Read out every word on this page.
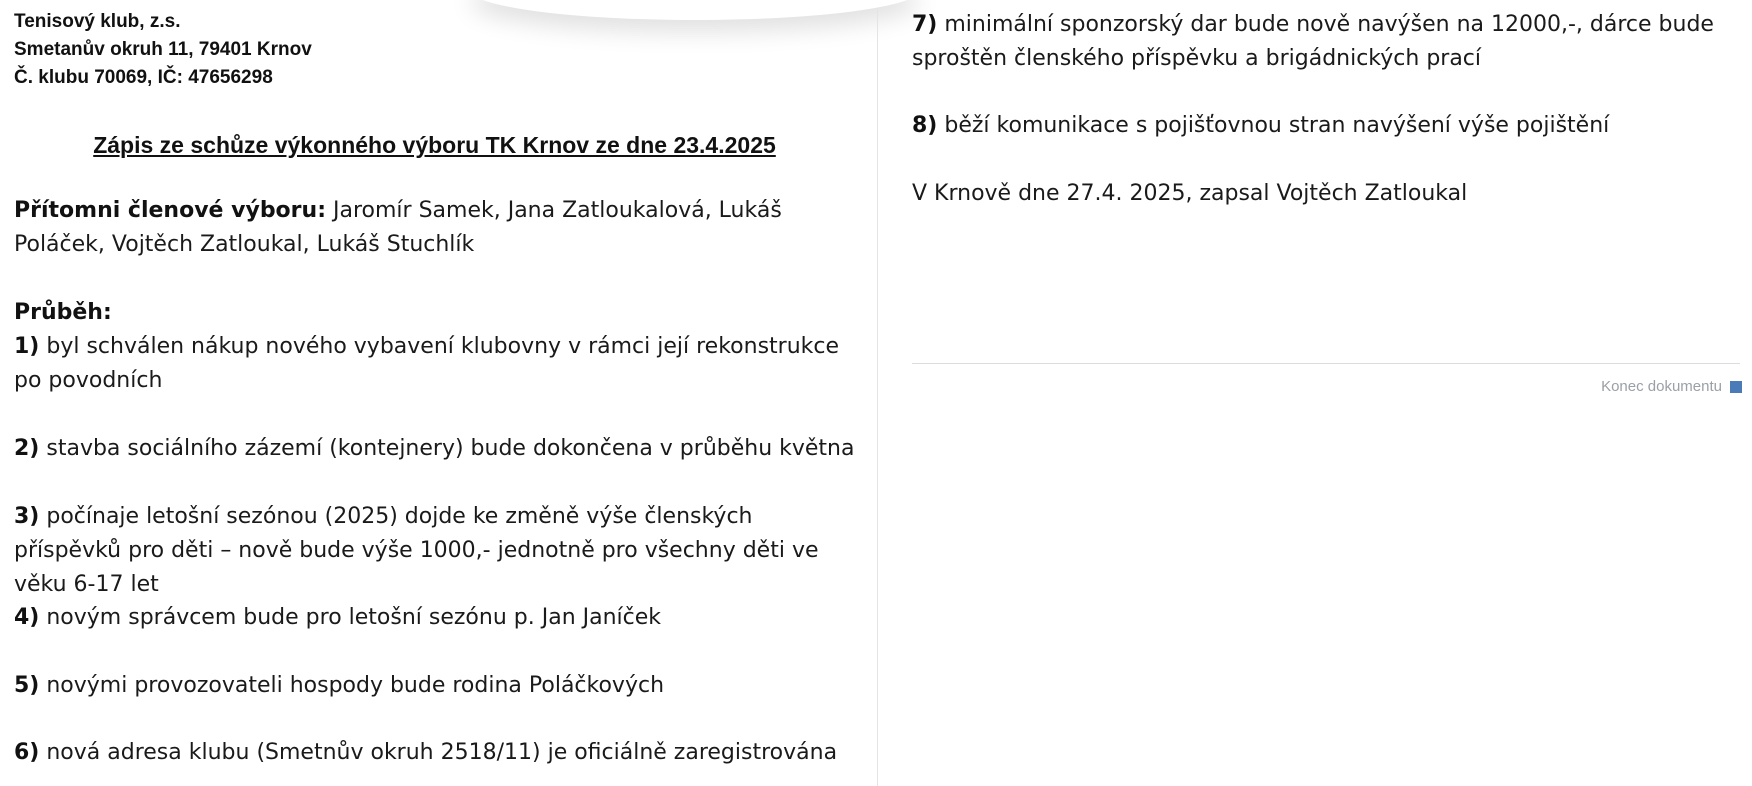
Tenisový klub, z.s.
Smetanův okruh 11, 79401 Krnov
Č. klubu 70069, IČ: 47656298
Zápis ze schůze výkonného výboru TK Krnov ze dne 23.4.2025
Přítomni členové výboru: Jaromír Samek, Jana Zatloukalová, Lukáš Poláček, Vojtěch Zatloukal, Lukáš Stuchlík
Průběh:
1) byl schválen nákup nového vybavení klubovny v rámci její rekonstrukce po povodních
2) stavba sociálního zázemí (kontejnery) bude dokončena v průběhu května
3) počínaje letošní sezónou (2025) dojde ke změně výše členských příspěvků pro děti – nově bude výše 1000,- jednotně pro všechny děti ve věku 6-17 let
4) novým správcem bude pro letošní sezónu p. Jan Janíček
5) novými provozovateli hospody bude rodina Poláčkových
6) nová adresa klubu (Smetnův okruh 2518/11) je oficiálně zaregistrována
7) minimální sponzorský dar bude nově navýšen na 12000,-, dárce bude sproštěn členského příspěvku a brigádnických prací
8) běží komunikace s pojišťovnou stran navýšení výše pojištění
V Krnově dne 27.4. 2025, zapsal Vojtěch Zatloukal
Konec dokumentu
